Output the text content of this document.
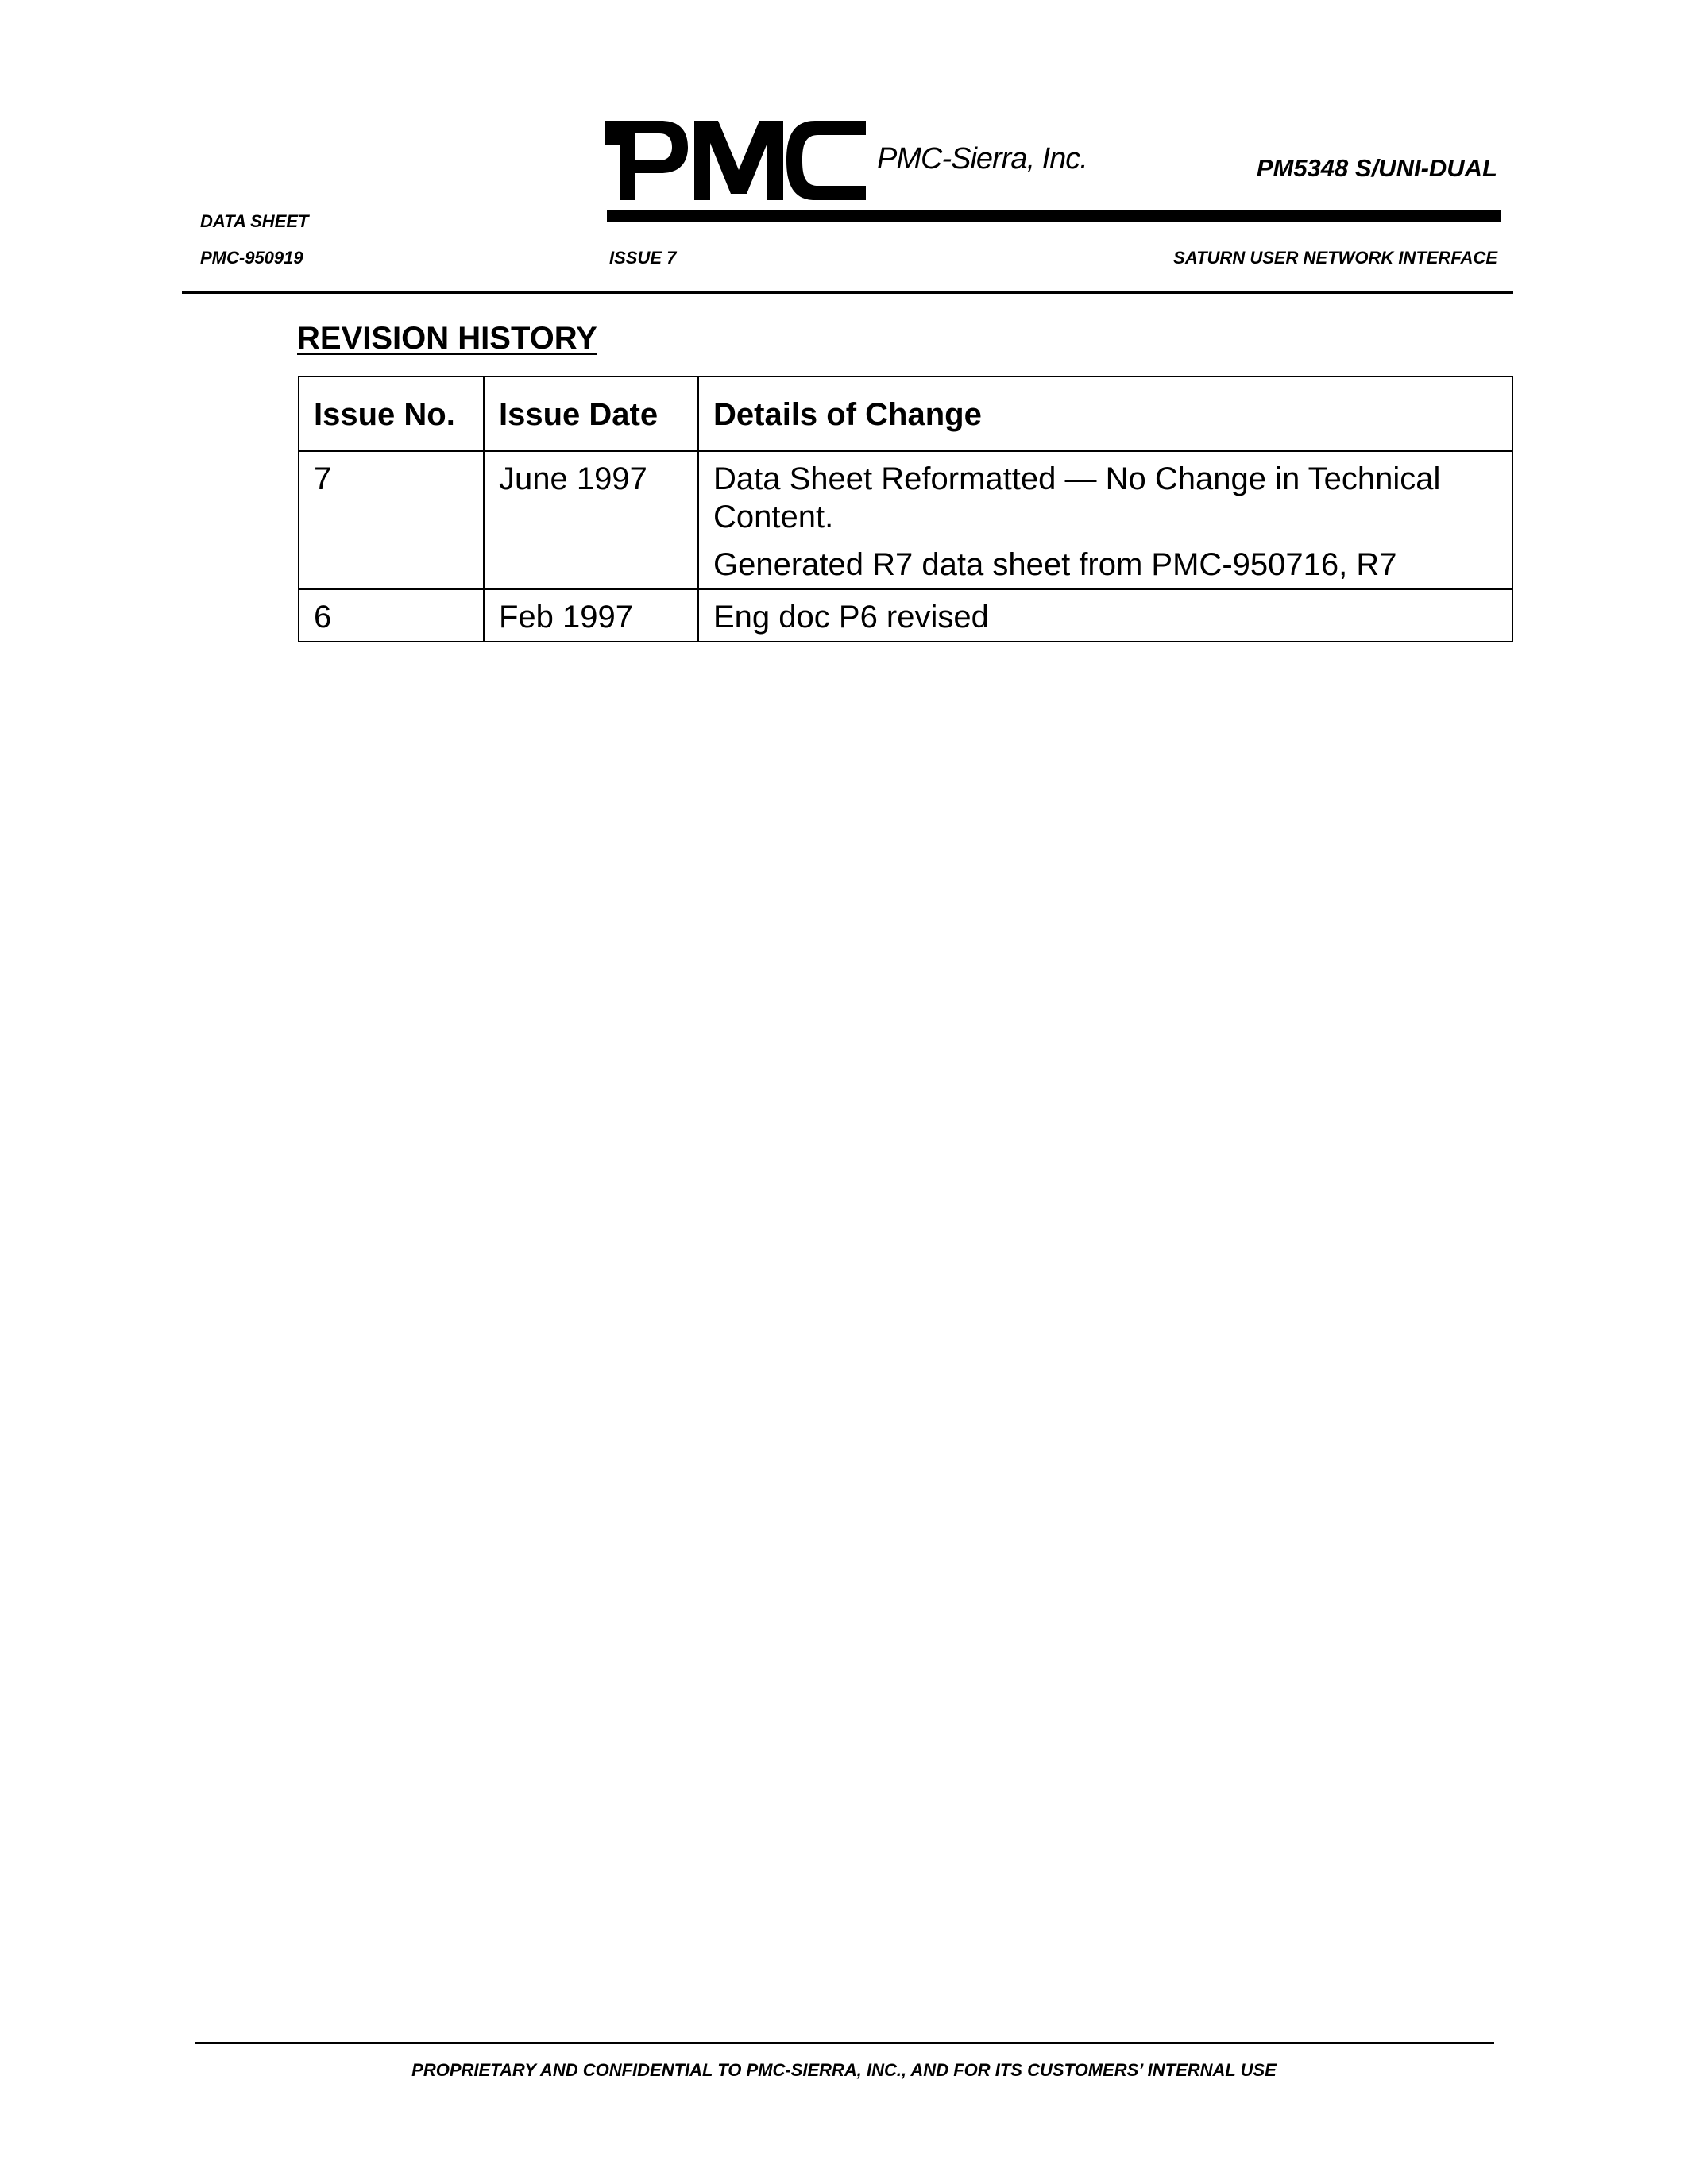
PMC-Sierra, Inc.	PM5348 S/UNI-DUAL
DATA SHEET
PMC-950919	ISSUE 7	SATURN USER NETWORK INTERFACE
REVISION HISTORY
Issue No.	Issue Date	Details of Change
7	June 1997	Data Sheet Reformatted — No Change in Technical Content.

Generated R7 data sheet from PMC-950716, R7

6	Feb 1997	Eng doc P6 revised

PROPRIETARY AND CONFIDENTIAL TO PMC-SIERRA, INC., AND FOR ITS CUSTOMERS’ INTERNAL USE
